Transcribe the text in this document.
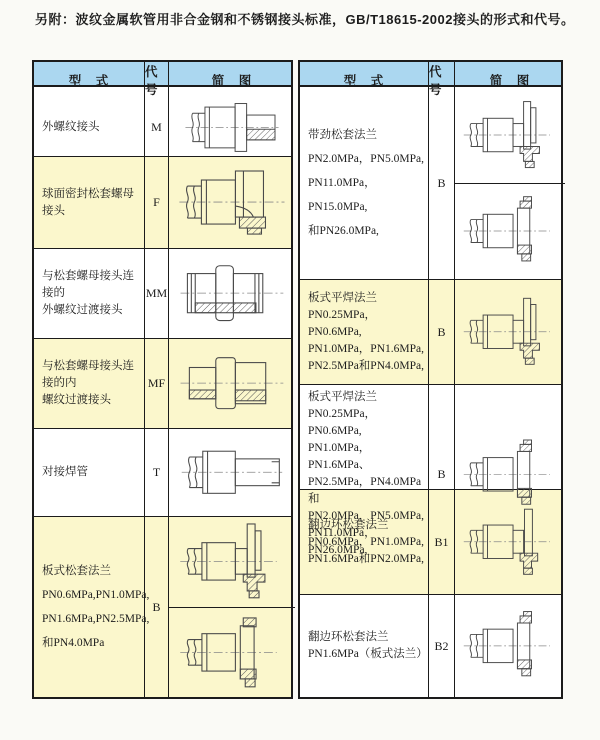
另附：波纹金属软管用非合金钢和不锈钢接头标准，GB/T18615-2002接头的形式和代号。
型　式
代号
简　图
外螺纹接头	M
球面密封松套螺母接头
F
与松套螺母接头连接的
外螺纹过渡接头
MM
与松套螺母接头连接的内
螺纹过渡接头
MF
对接焊管	T
板式松套法兰
PN0.6MPa,PN1.0MPa,
PN1.6MPa,PN2.5MPa,
和PN4.0MPa
B
型　式
代号
简　图
带劲松套法兰
PN2.0MPa，PN5.0MPa,
PN11.0MPa，PN15.0MPa,
和PN26.0MPa,
B
板式平焊法兰
PN0.25MPa，PN0.6MPa,
PN1.0MPa，PN1.6MPa,
PN2.5MPa和PN4.0MPa,
B
板式平焊法兰
PN0.25MPa，PN0.6MPa,
PN1.0MPa，PN1.6MPa、
PN2.5MPa，PN4.0MPa和
PN2.0MPa，PN5.0MPa,
PN11.0MPa，PN26.0MPa,
B
翻边环松套法兰
PN0.6MPa，PN1.0MPa,
PN1.6MPa和PN2.0MPa,
B1
翻边环松套法兰
PN1.6MPa（板式法兰）
B2
